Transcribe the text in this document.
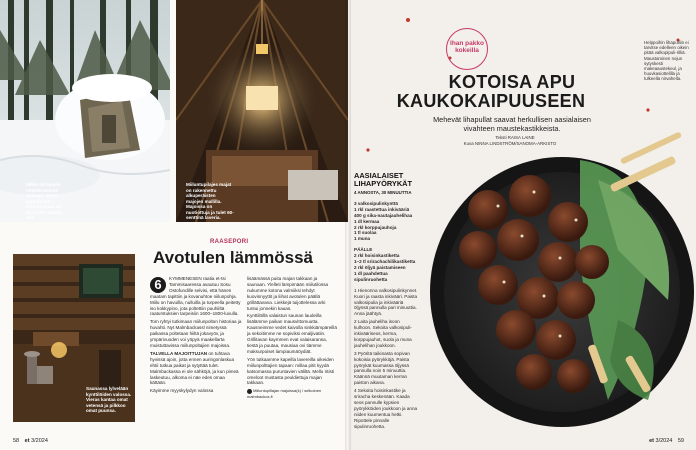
Miilut oli tapana nimetä naisten mukaan. Myös kaloteltuun miiluntupaan on kuusi eri nimetty niin.
Miiluntupilajes majat on rakennettu alkuperäisten majojen mallilla. Majoissa on nuotiottuja ja tulet 60-senttinä laveria.
Saunassa lylvelään kynttilöiden valossa. Vieras kantaa omat vetensä ja pilkkoo omat puunsa.
RAASEPORI
Avotulen lämmössä
6	KYMMENESEN raatia et-tsi Tammisaaressa avautuu Sosu Ostofundille selvisi, että hänen maatam tapittiin ja kovanuhtoe niilunpohja. Miilu on havuilla, nulluilla ja turpeella peitetty iso kokkypino, jota poltettiin puuhiiltä raaturstuksien tarpeisiin 1600–1800-luvulla.

Tom ryhtyi tutkimaan miilunpolton historiaa ja huvahti. Nyt Malmbackassl nimetyssä paikassa poltetaan hiiltä jokavyöv, ja ympärivuoden voi yöpyä maakellarta muistuttavissa miilunpoltajien majoissa.

TALVELLA MAJOITTUJAN on tuhtava hyvissä ajoin, jotta ennen auringonlaskua ehtii tutkua paikat ja sytyttää tulet. Malmbackassa ei ole sähköjä, ja kun pimeä laskeutuu, alkoma ei näe edes omaa kättään.

Käyimme myyskylydyn valossa

lisäämässä puita majan takkaan ja saunaan. Ylelleti lämpimään miilutilossa nukumme kotona valmiiksi tehdyt kuovinnyyttit ja liihat avotulen päällä grillättavana. Liekkejä tuijottelessa arki tuntui jonnekin kauas.

Kynttilöillä valaistun saunan laudeilla lisälämme paikan mausvittomuutta. Kausneimme vedet kaivolla sinkkiämpäreillä ja sekoitimme ne sopiviksi emaljivatiin. Grillitavan kaymmen evat valaisaransa, tiestä ja puutaa, mausiaa ovi tiämme maksurpoiset lampiaumäöydiät.

Yön tutkaamme kapeilla lavereilla oikeiden miilunpolttajien tapaan: millaa pitit kyydä katsomassa puruntavien väliltä. Mellu ritisti omeloot mustasta peuldiettuja majan takkaan.

Miiluntupillajan majoissa(k) / selkoinen malmbackos.fi

58 et 3/2024
Ihan pakko kokeilla
KOTOISA APU
KAUKOKAIPUUSEEN
Mehevät lihapullat saavat herkullisen aasialaisen vivahteen maustekastikkeista.
Teksti RAISA LAINE
Kuva NINNA LINDSTRÖM/SANOMA-ARKISTO
Helppoihin lihapulliin ei tarvitse edelleen oikein pitää valkopipuli-rilliä. Maustaminen nojun sytyskesti makeaaustekeul, ja huuvkasiottelilla ja tulkeella nirvahella.
AASIALAISET LIHAPYÖRYKÄT
4 ANNOSTA, 30 MINUUTTIA
3 valkosipulinkynttä
1 rkl raastettua inkivääriä
400 g sika-nautajauhelihaa
1 dl kermaa
2 rkl korppujauhoja
1 tl suolaa
1 muna
PÄÄLLE
2 rkl hoisinkastiketta
1–2 tl srirachachilikastiketta
2 rkl öljyä paistamiseen
1 dl paahdettua sipulinruohetta

1 Hienonna valkosipulinkynnet. Kuori ja raasta inkivääri. Paista valkosipulia ja inkivääriä öljyssä pannulla pari minuuttia. Anna jäähtyä.

2 Laita jauheliha isoon kulhoon. Sekoita valkosipuli-inkivääriseos, kerma, korppujauhot, suola ja muna jauhelihan joukkoon.

3 Pyöritä taikinasta sopivan kokoisia pyörykköjä. Paista pyörykät kuumassa öljyssä pannulla noin 5 minuuttia. Käännä muutaman kerran paiston aikana.

4 Sekoita hoisinkastike ja sriracha keskenään. Kaada seos pannulle kypsien pyörykköiden joukkoon ja anna niiden kuumentua hetki. Ripottele pinnalle sipulinruohetta.

et 3/2024 59
